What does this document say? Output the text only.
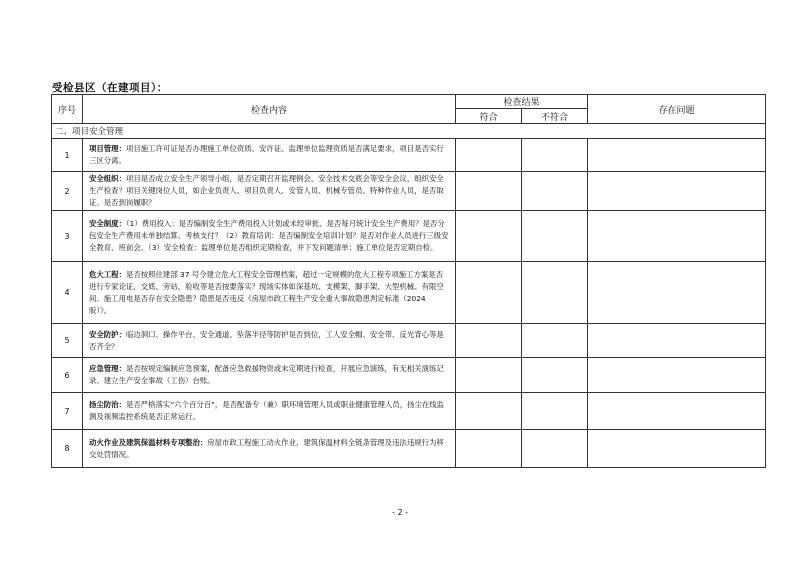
受检县区（在建项目）：
序号	检查内容	检查结果		存在问题
		符合	不符合	
二、项目安全管理				
1	项目管理：项目施工许可证是否办理施工单位资质、安许证、监理单位监理资质是否满足要求，项目是否实行三区分离。			
2	安全组织：项目是否成立安全生产领导小组，是否定期召开监理例会、安全技术交底会等安全会议，组织安全生产检查？项目关键岗位人员，如企业负责人、项目负责人、安管人员、机械专管员、特种作业人员，是否取证、是否到岗履职？			
3	安全制度：（1）费用投入：是否编制安全生产费用投入计划或未经审批、是否每月统计安全生产费用？是否分包安全生产费用未单独结算、考核支付？（2）教育培训：是否编制安全培训计划？是否对作业人员进行三级安全教育、班前会。（3）安全检查：监理单位是否组织定期检查，并下发问题清单；施工单位是否定期自检。			
4	危大工程：是否按照住建部 37 号令建立危大工程安全管理档案，超过一定规模的危大工程专项施工方案是否进行专家论证，交底、旁站、验收等是否按要落实？现场实体如深基坑、支模架、脚手架、大型机械、有限空间、施工用电是否存在安全隐患？隐患是否违反《房屋市政工程生产安全重大事故隐患判定标准（2024 版）》。			
5	安全防护：临边洞口、操作平台、安全通道、坠落半径等防护是否到位，工人安全帽、安全带、反光背心等是否齐全？			
6	应急管理：是否按规定编制应急预案，配备应急救援物资或未定期进行检查，开展应急演练，有无相关演练记录、建立生产安全事故（工伤）台账。			
7	扬尘防治：是否严格落实“六个百分百”，是否配备专（兼）职环境管理人员或职业健康管理人员，扬尘在线监测及视频监控系统是否正常运行。			
8	动火作业及建筑保温材料专项整治：房屋市政工程施工动火作业、建筑保温材料全链条管理及违法违规行为移交处罚情况。			
- 2 -
